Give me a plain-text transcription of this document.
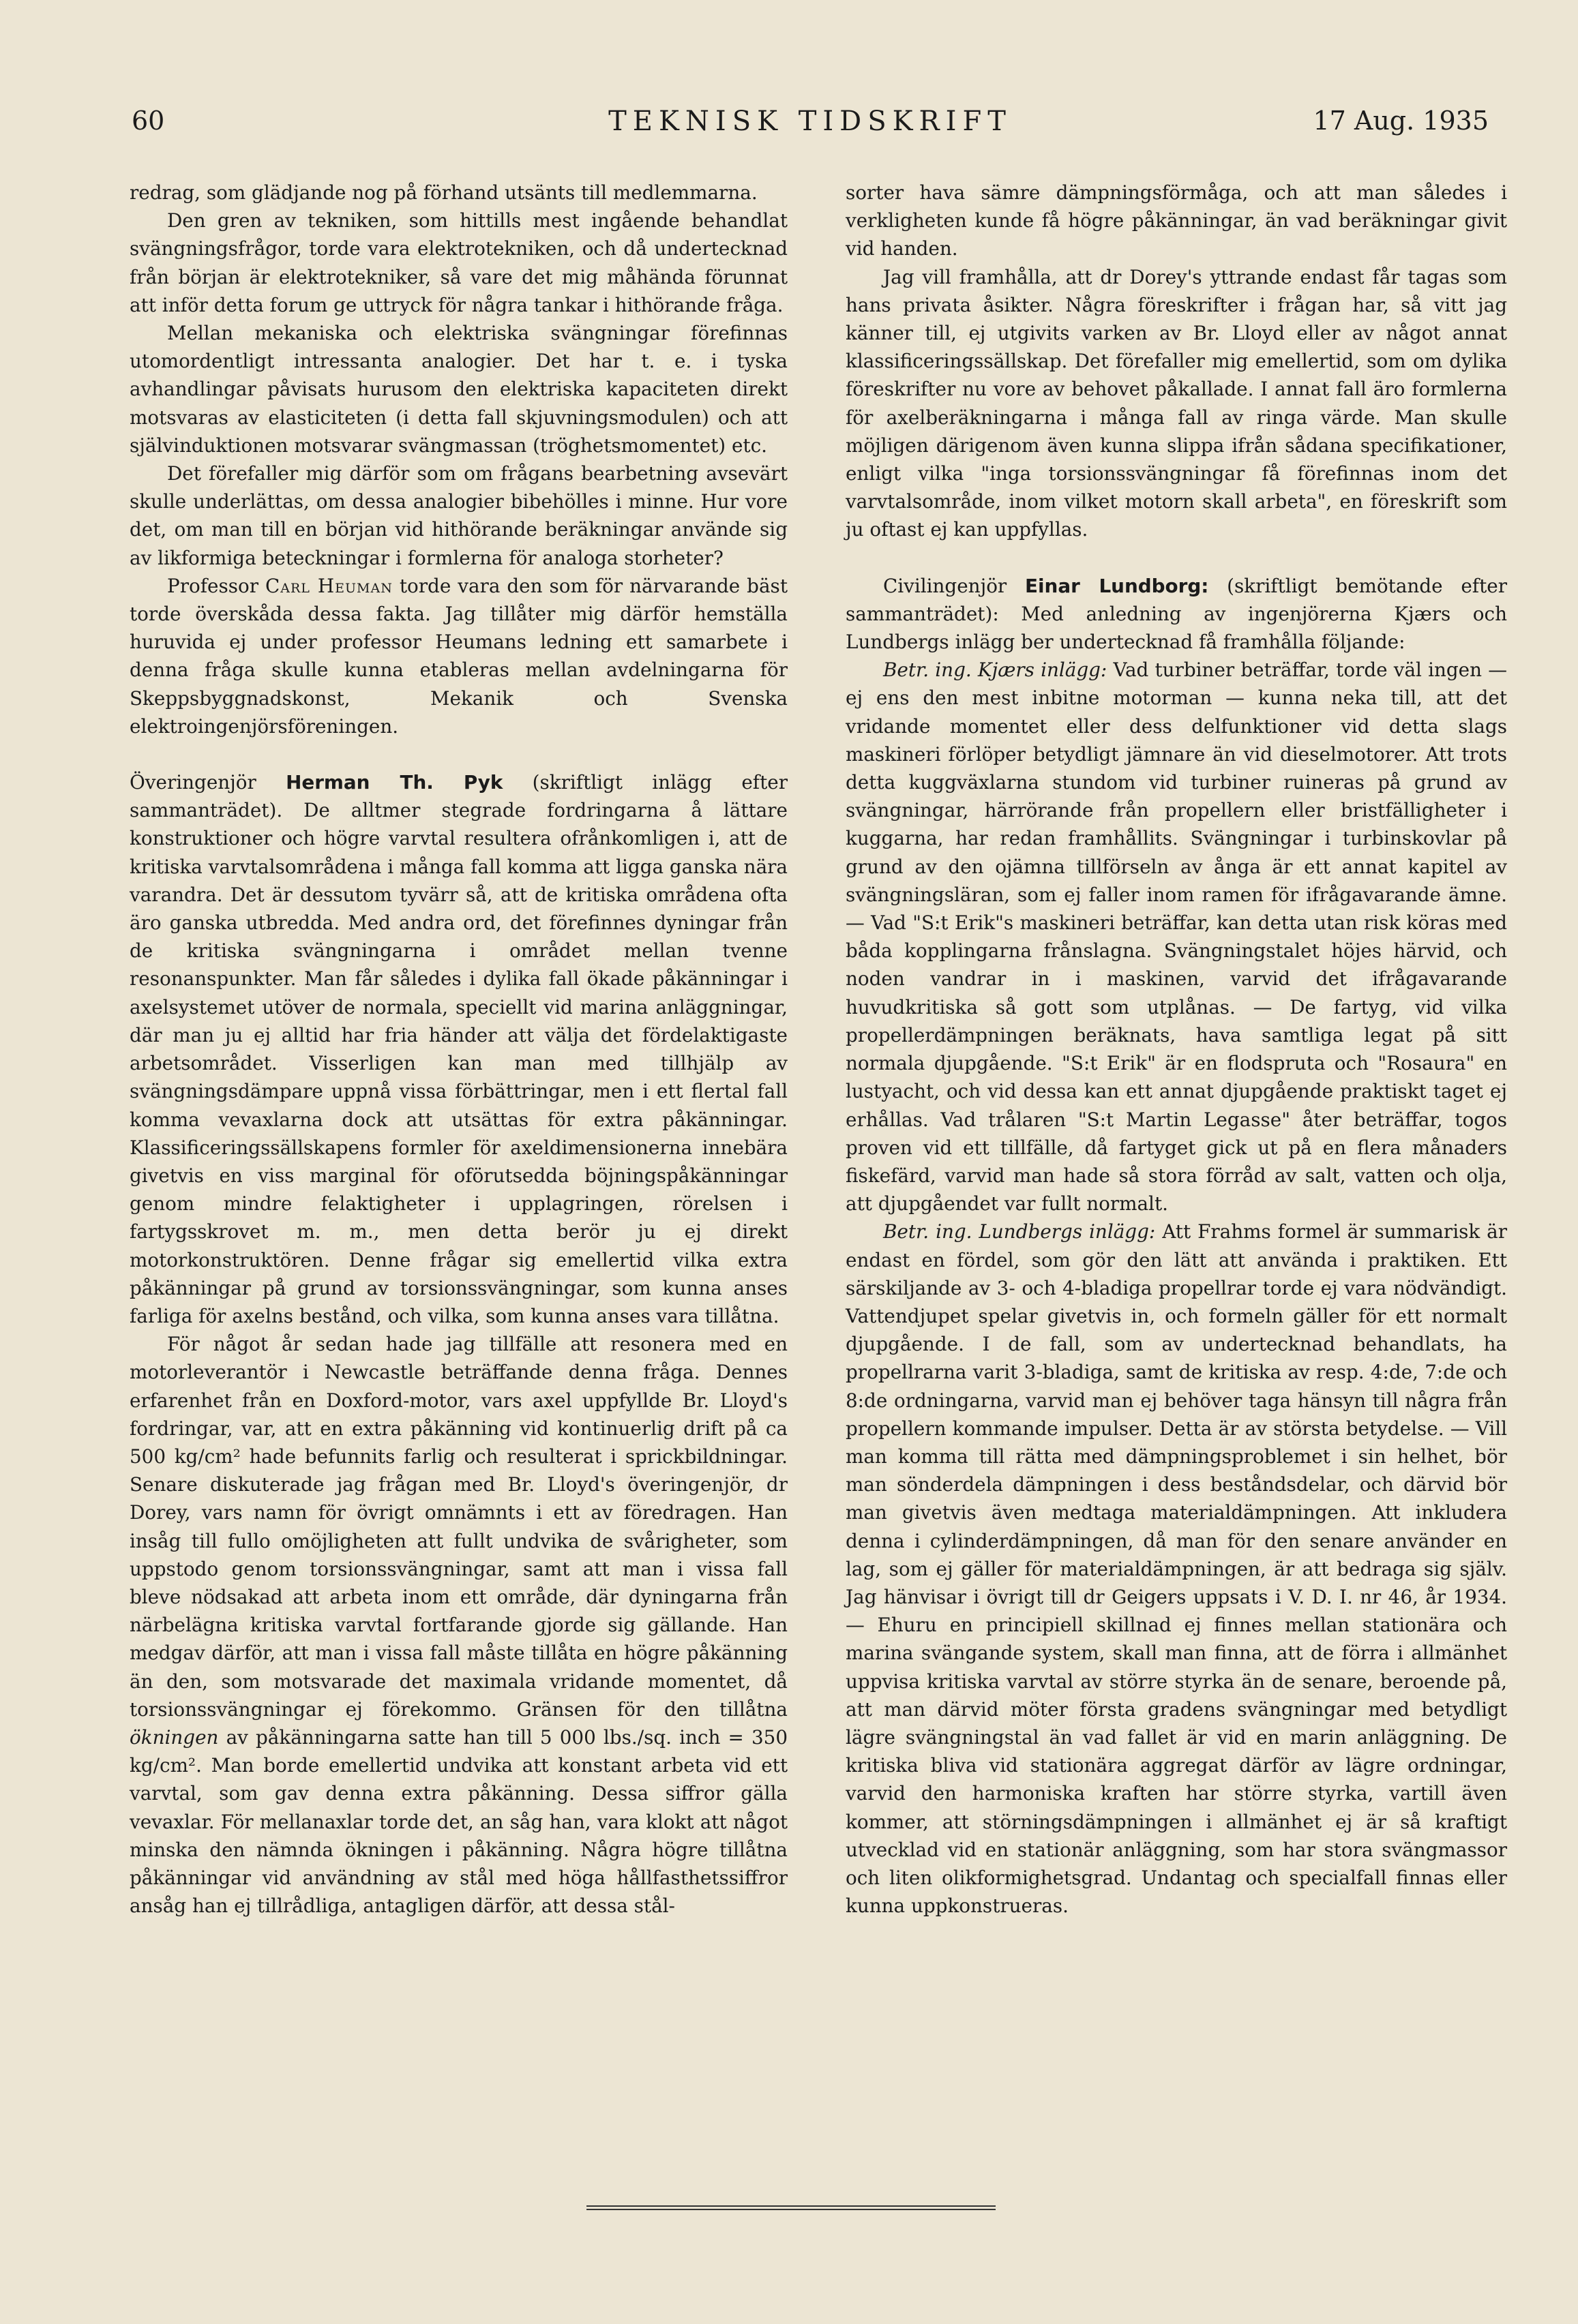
60	TEKNISK TIDSKRIFT	17 Aug. 1935

redrag, som glädjande nog på förhand utsänts till medlemmarna.

Den gren av tekniken, som hittills mest ingående behandlat svängningsfrågor, torde vara elektrotekniken, och då undertecknad från början är elektrotekniker, så vare det mig måhända förunnat att inför detta forum ge uttryck för några tankar i hithörande fråga.

Mellan mekaniska och elektriska svängningar förefinnas utomordentligt intressanta analogier. Det har t. e. i tyska avhandlingar påvisats hurusom den elektriska kapaciteten direkt motsvaras av elasticiteten (i detta fall skjuvningsmodulen) och att självinduktionen motsvarar svängmassan (tröghetsmomentet) etc.

Det förefaller mig därför som om frågans bearbetning avsevärt skulle underlättas, om dessa analogier bibehölles i minne. Hur vore det, om man till en början vid hithörande beräkningar använde sig av likformiga beteckningar i formlerna för analoga storheter?

Professor Carl Heuman torde vara den som för närvarande bäst torde överskåda dessa fakta. Jag tillåter mig därför hemställa huruvida ej under professor Heumans ledning ett samarbete i denna fråga skulle kunna etableras mellan avdelningarna för Skeppsbyggnadskonst, Mekanik och Svenska elektroingenjörsföreningen.

Överingenjör Herman Th. Pyk (skriftligt inlägg efter sammanträdet). De alltmer stegrade fordringarna å lättare konstruktioner och högre varvtal resultera ofrånkomligen i, att de kritiska varvtalsområdena i många fall komma att ligga ganska nära varandra. Det är dessutom tyvärr så, att de kritiska områdena ofta äro ganska utbredda. Med andra ord, det förefinnes dyningar från de kritiska svängningarna i området mellan tvenne resonanspunkter. Man får således i dylika fall ökade påkänningar i axelsystemet utöver de normala, speciellt vid marina anläggningar, där man ju ej alltid har fria händer att välja det fördelaktigaste arbetsområdet. Visserligen kan man med tillhjälp av svängningsdämpare uppnå vissa förbättringar, men i ett flertal fall komma vevaxlarna dock att utsättas för extra påkänningar. Klassificeringssällskapens formler för axeldimensionerna innebära givetvis en viss marginal för oförutsedda böjningspåkänningar genom mindre felaktigheter i upplagringen, rörelsen i fartygsskrovet m. m., men detta berör ju ej direkt motorkonstruktören. Denne frågar sig emellertid vilka extra påkänningar på grund av torsionssvängningar, som kunna anses farliga för axelns bestånd, och vilka, som kunna anses vara tillåtna.

För något år sedan hade jag tillfälle att resonera med en motorleverantör i Newcastle beträffande denna fråga. Dennes erfarenhet från en Doxford-motor, vars axel uppfyllde Br. Lloyd's fordringar, var, att en extra påkänning vid kontinuerlig drift på ca 500 kg/cm² hade befunnits farlig och resulterat i sprickbildningar. Senare diskuterade jag frågan med Br. Lloyd's överingenjör, dr Dorey, vars namn för övrigt omnämnts i ett av föredragen. Han insåg till fullo omöjligheten att fullt undvika de svårigheter, som uppstodo genom torsionssvängningar, samt att man i vissa fall bleve nödsakad att arbeta inom ett område, där dyningarna från närbelägna kritiska varvtal fortfarande gjorde sig gällande. Han medgav därför, att man i vissa fall måste tillåta en högre påkänning än den, som motsvarade det maximala vridande momentet, då torsionssvängningar ej förekommo. Gränsen för den tillåtna ökningen av påkänningarna satte han till 5 000 lbs./sq. inch = 350 kg/cm². Man borde emellertid undvika att konstant arbeta vid ett varvtal, som gav denna extra påkänning. Dessa siffror gälla vevaxlar. För mellanaxlar torde det, an såg han, vara klokt att något minska den nämnda ökningen i påkänning. Några högre tillåtna påkänningar vid användning av stål med höga hållfasthetssiffror ansåg han ej tillrådliga, antagligen därför, att dessa stål-

sorter hava sämre dämpningsförmåga, och att man således i verkligheten kunde få högre påkänningar, än vad beräkningar givit vid handen.

Jag vill framhålla, att dr Dorey's yttrande endast får tagas som hans privata åsikter. Några föreskrifter i frågan har, så vitt jag känner till, ej utgivits varken av Br. Lloyd eller av något annat klassificeringssällskap. Det förefaller mig emellertid, som om dylika föreskrifter nu vore av behovet påkallade. I annat fall äro formlerna för axelberäkningarna i många fall av ringa värde. Man skulle möjligen därigenom även kunna slippa ifrån sådana specifikationer, enligt vilka "inga torsionssvängningar få förefinnas inom det varvtalsområde, inom vilket motorn skall arbeta", en föreskrift som ju oftast ej kan uppfyllas.

Civilingenjör Einar Lundborg: (skriftligt bemötande efter sammanträdet): Med anledning av ingenjörerna Kjærs och Lundbergs inlägg ber undertecknad få framhålla följande:

Betr. ing. Kjærs inlägg: Vad turbiner beträffar, torde väl ingen — ej ens den mest inbitne motorman — kunna neka till, att det vridande momentet eller dess delfunktioner vid detta slags maskineri förlöper betydligt jämnare än vid dieselmotorer. Att trots detta kuggväxlarna stundom vid turbiner ruineras på grund av svängningar, härrörande från propellern eller bristfälligheter i kuggarna, har redan framhållits. Svängningar i turbinskovlar på grund av den ojämna tillförseln av ånga är ett annat kapitel av svängningsläran, som ej faller inom ramen för ifrågavarande ämne. — Vad "S:t Erik"s maskineri beträffar, kan detta utan risk köras med båda kopplingarna frånslagna. Svängningstalet höjes härvid, och noden vandrar in i maskinen, varvid det ifrågavarande huvudkritiska så gott som utplånas. — De fartyg, vid vilka propellerdämpningen beräknats, hava samtliga legat på sitt normala djupgående. "S:t Erik" är en flodspruta och "Rosaura" en lustyacht, och vid dessa kan ett annat djupgående praktiskt taget ej erhållas. Vad trålaren "S:t Martin Legasse" åter beträffar, togos proven vid ett tillfälle, då fartyget gick ut på en flera månaders fiskefärd, varvid man hade så stora förråd av salt, vatten och olja, att djupgåendet var fullt normalt.

Betr. ing. Lundbergs inlägg: Att Frahms formel är summarisk är endast en fördel, som gör den lätt att använda i praktiken. Ett särskiljande av 3- och 4-bladiga propellrar torde ej vara nödvändigt. Vattendjupet spelar givetvis in, och formeln gäller för ett normalt djupgående. I de fall, som av undertecknad behandlats, ha propellrarna varit 3-bladiga, samt de kritiska av resp. 4:de, 7:de och 8:de ordningarna, varvid man ej behöver taga hänsyn till några från propellern kommande impulser. Detta är av största betydelse. — Vill man komma till rätta med dämpningsproblemet i sin helhet, bör man sönderdela dämpningen i dess beståndsdelar, och därvid bör man givetvis även medtaga materialdämpningen. Att inkludera denna i cylinderdämpningen, då man för den senare använder en lag, som ej gäller för materialdämpningen, är att bedraga sig själv. Jag hänvisar i övrigt till dr Geigers uppsats i V. D. I. nr 46, år 1934. — Ehuru en principiell skillnad ej finnes mellan stationära och marina svängande system, skall man finna, att de förra i allmänhet uppvisa kritiska varvtal av större styrka än de senare, beroende på, att man därvid möter första gradens svängningar med betydligt lägre svängningstal än vad fallet är vid en marin anläggning. De kritiska bliva vid stationära aggregat därför av lägre ordningar, varvid den harmoniska kraften har större styrka, vartill även kommer, att störningsdämpningen i allmänhet ej är så kraftigt utvecklad vid en stationär anläggning, som har stora svängmassor och liten olikformighetsgrad. Undantag och specialfall finnas eller kunna uppkonstrueras.
